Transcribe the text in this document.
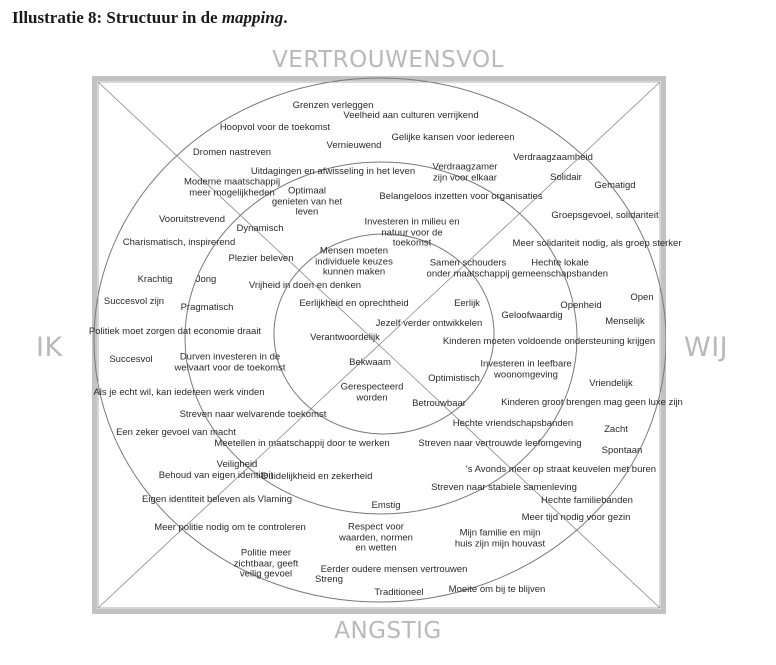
Illustratie 8: Structuur in de mapping.
VERTROUWENSVOL
ANGSTIG
IK	WIJ
Grenzen verleggen
Veelheid aan culturen verrijkend
Hoopvol voor de toekomst
Vernieuwend
Gelijke kansen voor iedereen
Dromen nastreven	Verdraagzaamheid
Uitdagingen en afwisseling in het leven Verdraagzamer
zijn voor elkaar	Solidair
Gematigd
Moderne maatschappij
meer mogelijkheden	Optimaal
genieten van het
leven
Belangeloos inzetten voor organisaties
Vooruitstrevend	Groepsgevoel, solidariteit
Dynamisch
Investeren in milieu en
natuur voor de
toekomst
Charismatisch, inspirerend	Meer solidariteit nodig, als groep sterker
Mensen moeten
individuele keuzes
kunnen maken
Plezier beleven	Samen schouders
onder maatschappij
Hechte lokale
gemeenschapsbanden
Krachtig Jong
Vrijheid in doen en denken
Open
Succesvol zijn
Pragmatisch	Eerlijkheid en oprechtheid	Eerlijk	Openheid
Geloofwaardig
Menselijk
Politiek moet zorgen dat economie draait
Jezelf verder ontwikkelen
Verantwoordelijk	Kinderen moeten voldoende ondersteuning krijgen
Succesvol	Durven investeren in de
welvaart voor de toekomst	Bekwaam	Investeren in leefbare
woonomgeving
Optimistisch	Vriendelijk
Als je echt wil, kan iedereen werk vinden	Gerespecteerd
worden
Betrouwbaar	Kinderen groot brengen mag geen luxe zijn
Streven naar welvarende toekomst
Hechte vriendschapsbanden
Zacht
Een zeker gevoel van macht
Meetellen in maatschappij door te werken	Streven naar vertrouwde leefomgeving
Spontaan
Veiligheid	's Avonds meer op straat keuvelen met buren
Behoud van eigen identiteit
Duidelijkheid en zekerheid
Streven naar stabiele samenleving
Eigen identiteit beleven als Vlaming
Emstig	Hechte familiebanden
Meer tijd nodig voor gezin
Meer politie nodig om te controleren	Respect voor
waarden, normen
en wetten
Mijn familie en mijn
huis zijn mijn houvast
Politie meer
zichtbaar, geeft
veilig gevoel	Streng
Eerder oudere mensen vertrouwen
Traditioneel	Moeite om bij te blijven
